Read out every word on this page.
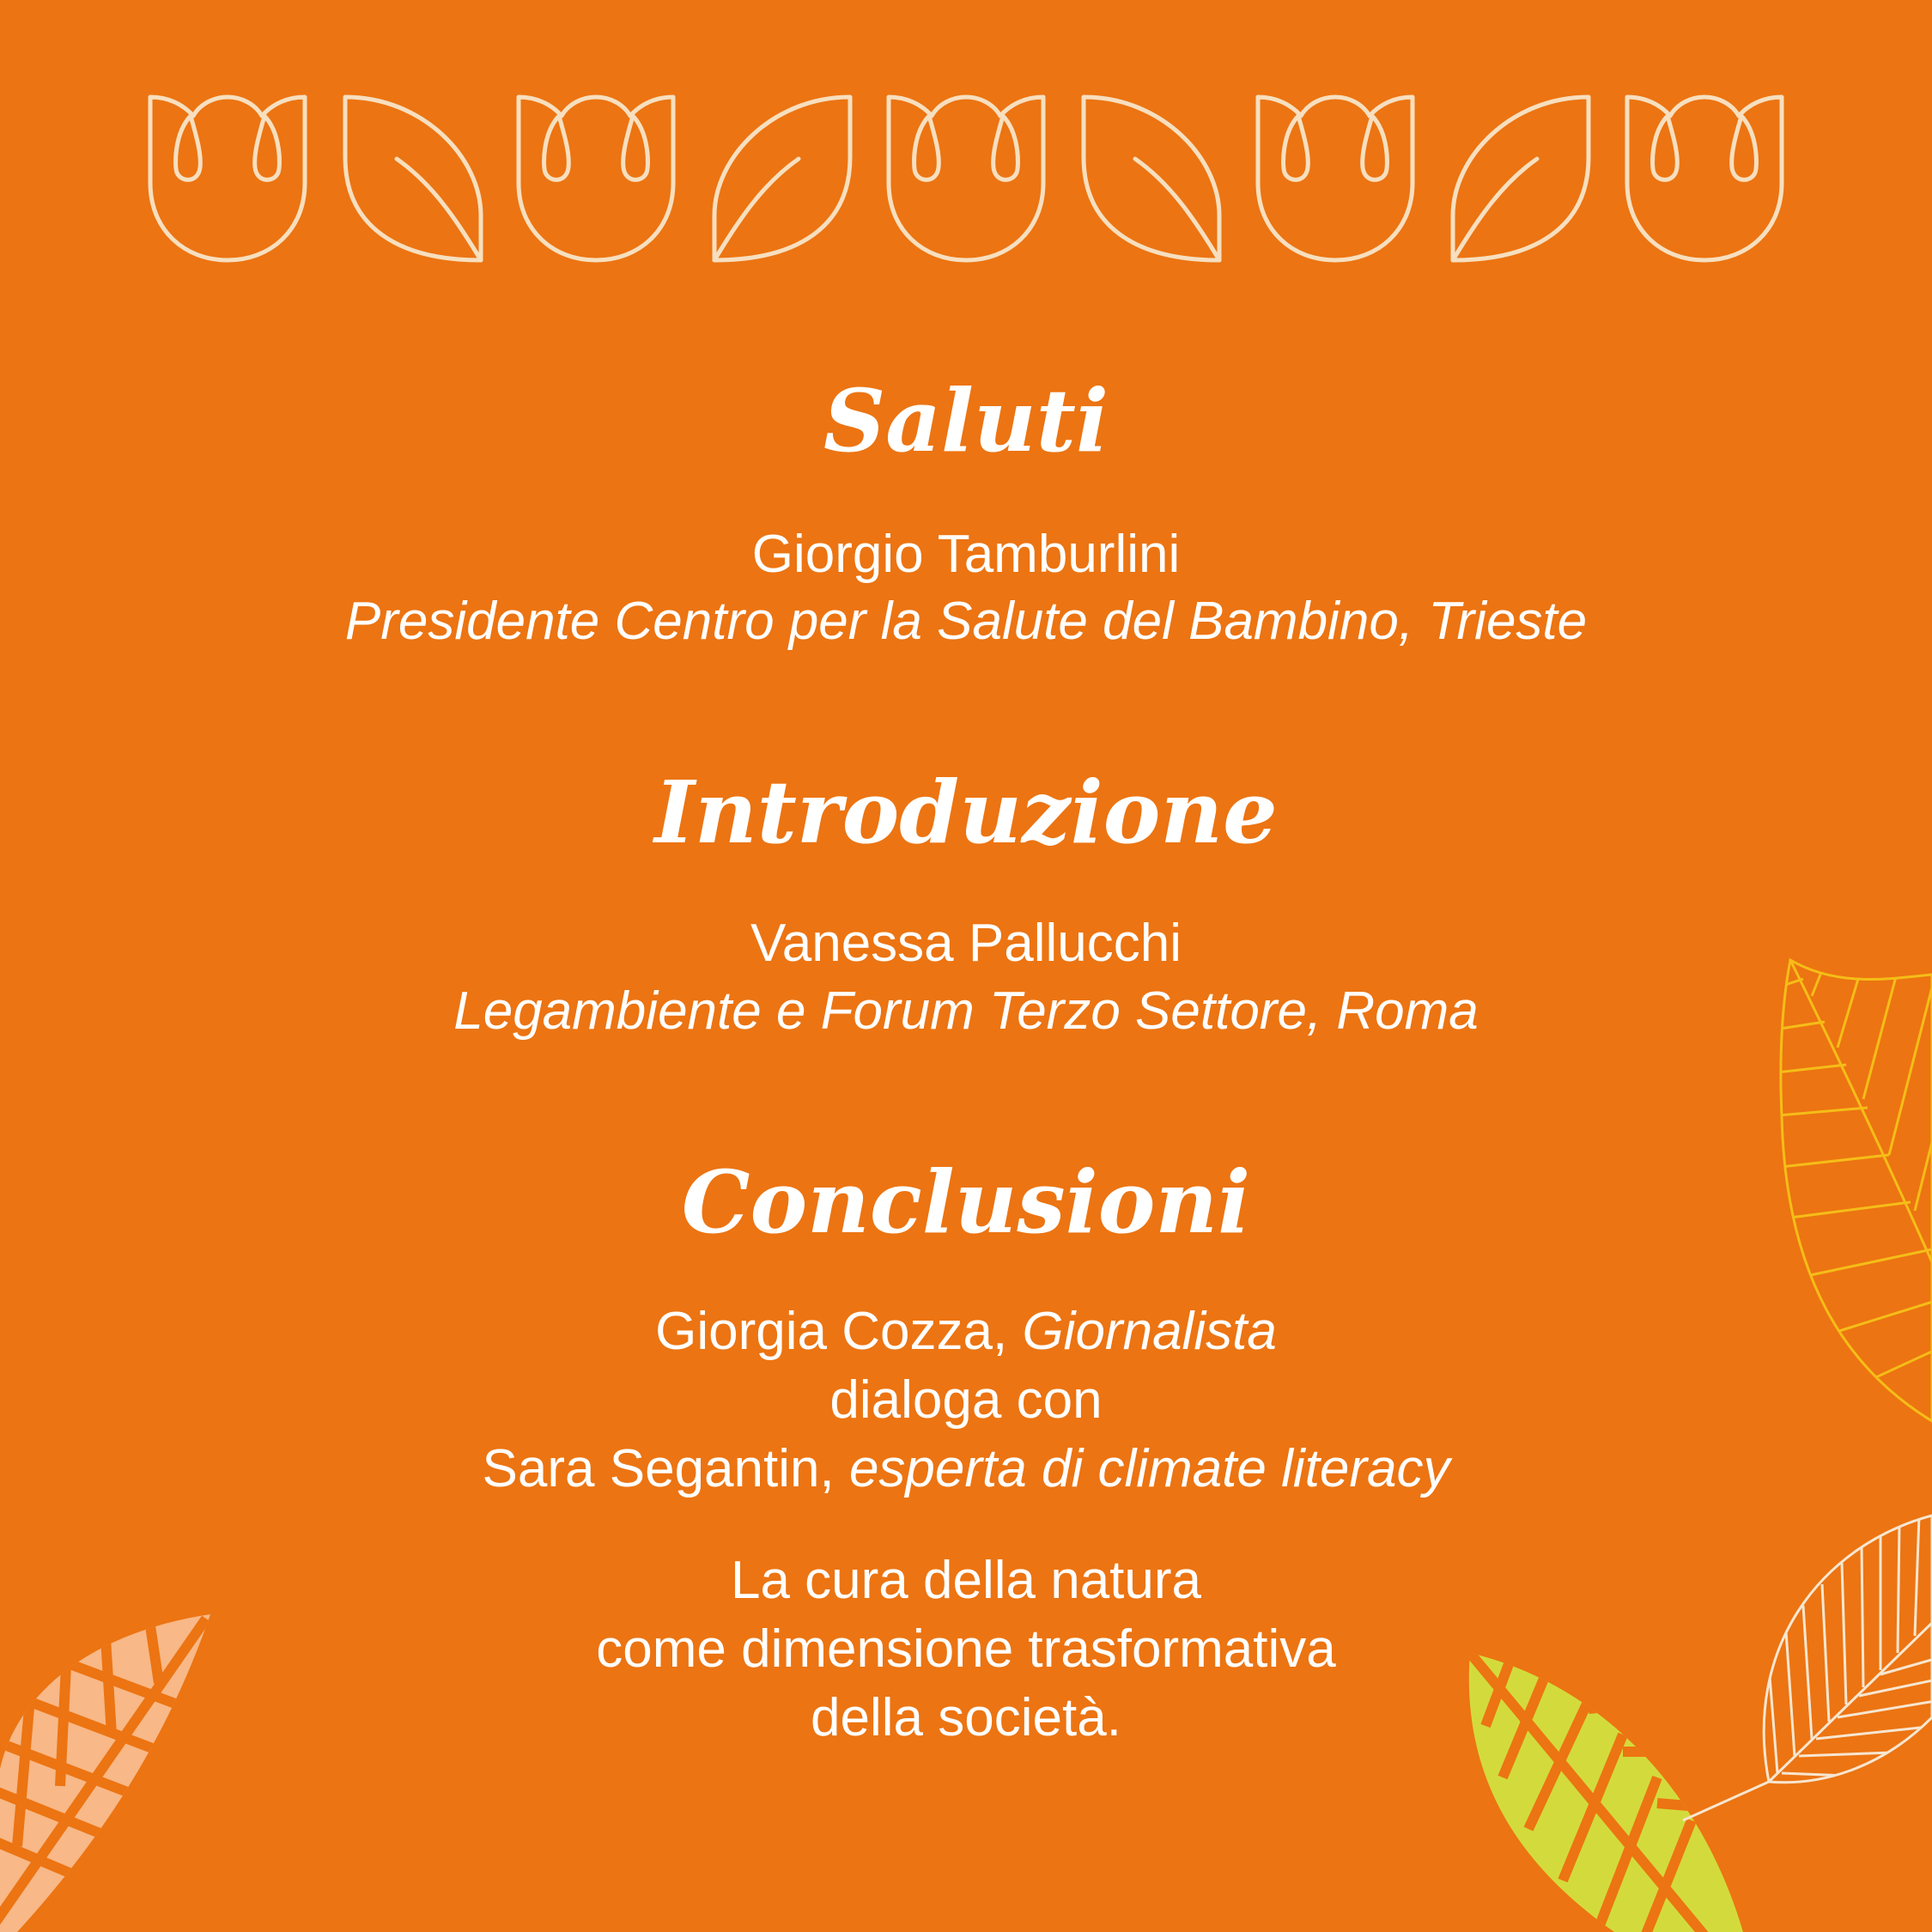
Saluti
Giorgio Tamburlini
Presidente Centro per la Salute del Bambino, Trieste
Introduzione
Vanessa Pallucchi
Legambiente e Forum Terzo Settore, Roma
Conclusioni
Giorgia Cozza, Giornalista
dialoga con
Sara Segantin, esperta di climate literacy
La cura della natura
come dimensione trasformativa
della società.
